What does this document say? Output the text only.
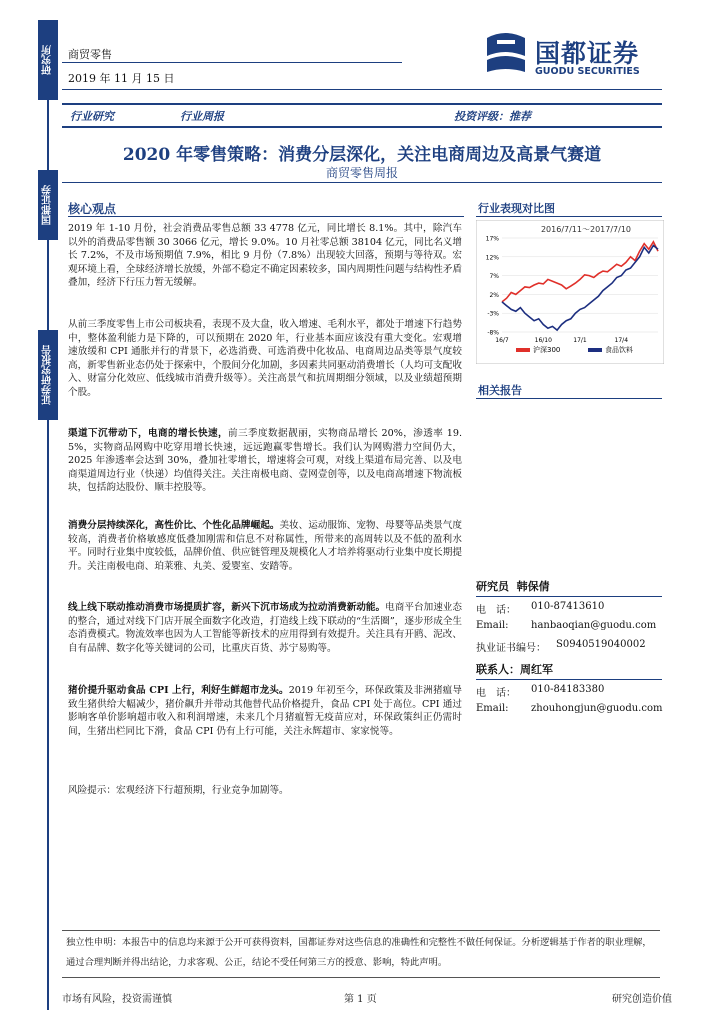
研究所
国都证券
证券研究报告
商贸零售
2019 年 11 月 15 日
国都证券
GUODU SECURITIES
行业研究	行业周报	投资评级：推荐
2020 年零售策略：消费分层深化，关注电商周边及高景气赛道
商贸零售周报
核心观点
2019 年 1-10 月份，社会消费品零售总额 33 4778 亿元，同比增长 8.1%。其中，除汽车以外的消费品零售额 30 3066 亿元，增长 9.0%。10 月社零总额 38104 亿元，同比名义增长 7.2%，不及市场预期值 7.9%，相比 9 月份（7.8%）出现较大回落，预期与等待双。宏观环境上看，全球经济增长放缓，外部不稳定不确定因素较多，国内周期性问题与结构性矛盾叠加，经济下行压力暂无缓解。
从前三季度零售上市公司板块看，表现不及大盘，收入增速、毛利水平，都处于增速下行趋势中，整体盈利能力是下降的，可以预期在 2020 年，行业基本面应该没有重大变化。宏观增速放缓和 CPI 通胀并行的背景下，必选消费、可选消费中化妆品、电商周边品类等景气度较高，新零售新业态仍处于探索中，个股间分化加剧，多因素共同驱动消费增长（人均可支配收入、财富分化效应、低线城市消费升级等）。关注高景气和抗周期细分领域，以及业绩超预期个股。
渠道下沉带动下，电商的增长快速，前三季度数据靓丽，实物商品增长 20%，渗透率 19. 5%，实物商品网购中吃穿用增长快速，远远跑赢零售增长。我们认为网购潜力空间仍大，2025 年渗透率会达到 30%，叠加社零增长，增速将会可观，对线上渠道布局完善、以及电商渠道周边行业（快递）均值得关注。关注南极电商、壹网壹创等，以及电商高增速下物流板块，包括韵达股份、顺丰控股等。
消费分层持续深化，高性价比、个性化品牌崛起。美妆、运动服饰、宠物、母婴等品类景气度较高，消费者价格敏感度低叠加刚需和信息不对称属性，所带来的高周转以及不低的盈利水平。同时行业集中度较低，品牌价值、供应链管理及规模化人才培养将驱动行业集中度长期提升。关注南极电商、珀莱雅、丸美、爱婴室、安踏等。
线上线下联动推动消费市场提质扩容，新兴下沉市场成为拉动消费新动能。电商平台加速业态的整合，通过对线下门店开展全面数字化改造，打造线上线下联动的“生活圈”，逐步形成全生态消费模式。物流效率也因为人工智能等新技术的应用得到有效提升。关注具有开鸥、泥改、自有品牌、数字化等关键词的公司，比重庆百货、苏宁易购等。
猪价提升驱动食品 CPI 上行，利好生鲜超市龙头。2019 年初至今，环保政策及非洲猪瘟导致生猪供给大幅减少，猪价飙升并带动其他替代品价格提升，食品 CPI 处于高位。CPI 通过影响客单价影响超市收入和利润增速，未来几个月猪瘟暂无疫苗应对，环保政策纠正仍需时间，生猪出栏同比下滑，食品 CPI 仍有上行可能，关注永辉超市、家家悦等。
风险提示：宏观经济下行超预期，行业竞争加剧等。
行业表现对比图
2016/7/11～2017/7/10
17%
12%
7%
2%
-3%
-8%
16/7	16/10	17/1	17/4
沪深300	食品饮料
相关报告
研究员 韩保倩
电　话： 010-87413610
Email: hanbaoqian@guodu.com
执业证书编号： S0940519040002
联系人：周红军
电　话： 010-84183380
Email: zhouhongjun@guodu.com
独立性申明：本报告中的信息均来源于公开可获得资料，国都证券对这些信息的准确性和完整性不做任何保证。分析逻辑基于作者的职业理解，通过合理判断并得出结论，力求客观、公正，结论不受任何第三方的授意、影响，特此声明。
市场有风险，投资需谨慎	第 1 页	研究创造价值
